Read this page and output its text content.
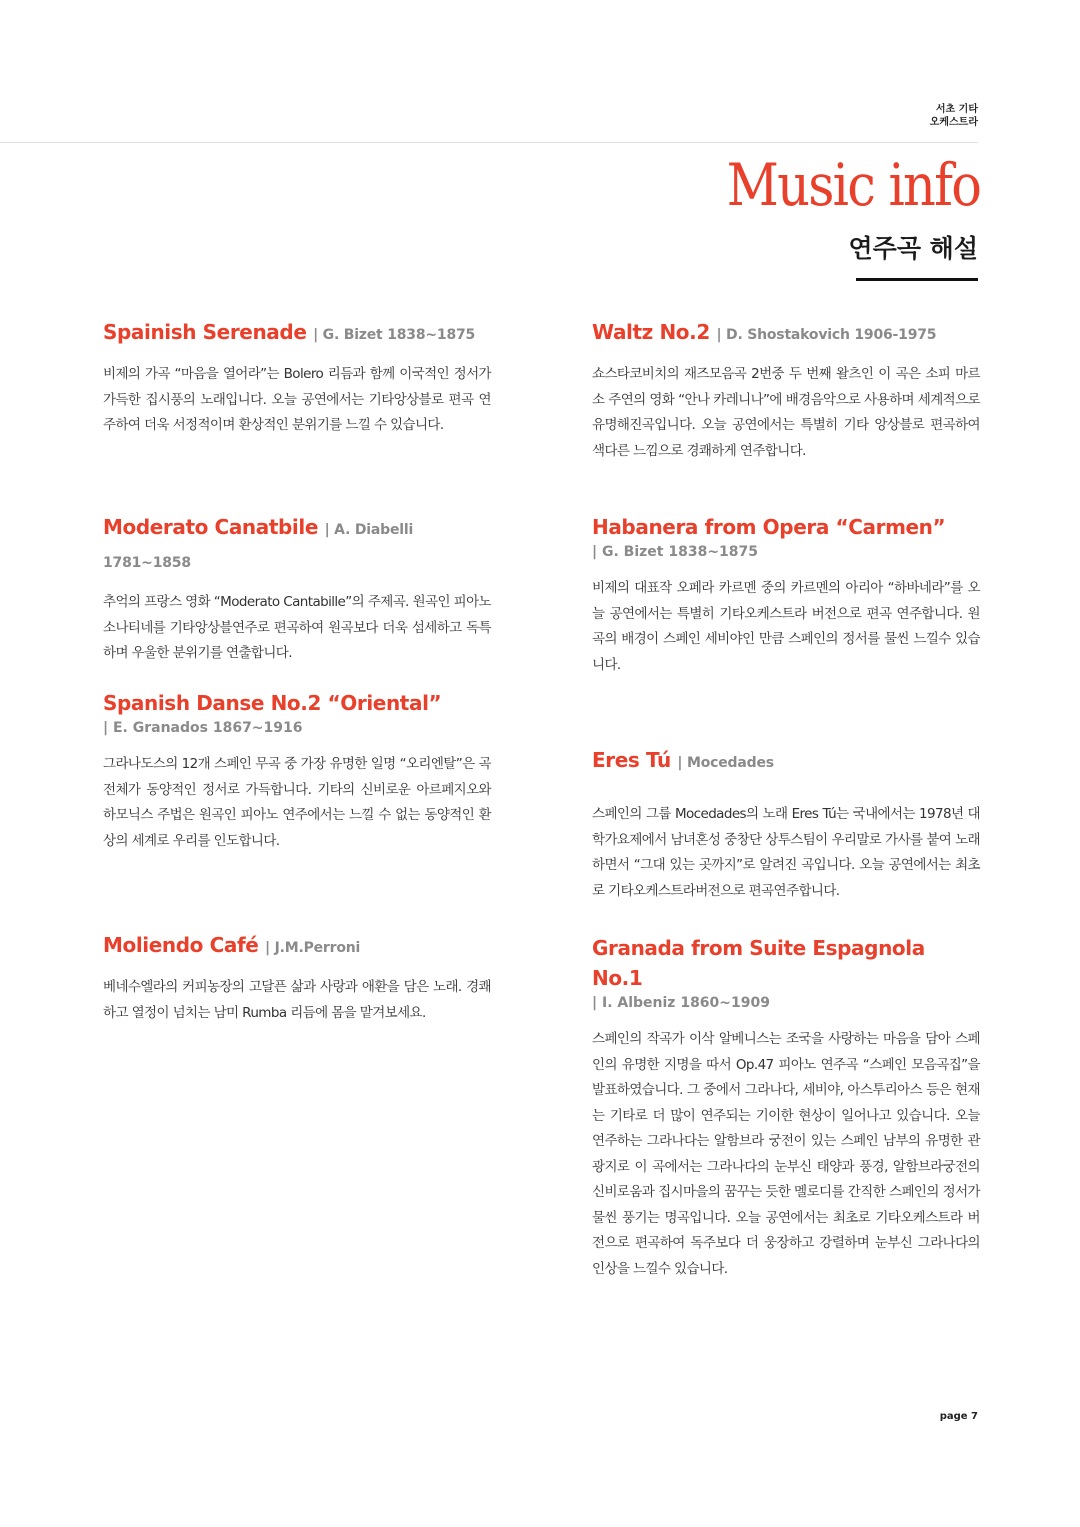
서초 기타
오케스트라
Music info
연주곡 해설
Spainish Serenade | G. Bizet 1838~1875
비제의 가곡 “마음을 열어라”는 Bolero 리듬과 함께 이국적인 정서가 가득한 집시풍의 노래입니다. 오늘 공연에서는 기타앙상블로 편곡 연주하여 더욱 서정적이며 환상적인 분위기를 느낄 수 있습니다.
Moderato Canatbile | A. Diabelli 1781~1858
추억의 프랑스 영화 “Moderato Cantabille”의 주제곡. 원곡인 피아노 소나티네를 기타앙상블연주로 편곡하여 원곡보다 더욱 섬세하고 독특하며 우울한 분위기를 연출합니다.
Spanish Danse No.2 “Oriental”
| E. Granados 1867~1916
그라나도스의 12개 스페인 무곡 중 가장 유명한 일명 “오리엔탈”은 곡 전체가 동양적인 정서로 가득합니다. 기타의 신비로운 아르페지오와 하모닉스 주법은 원곡인 피아노 연주에서는 느낄 수 없는 동양적인 환상의 세계로 우리를 인도합니다.
Moliendo Café | J.M.Perroni
베네수엘라의 커피농장의 고달픈 삶과 사랑과 애환을 담은 노래. 경쾌하고 열정이 넘치는 남미 Rumba 리듬에 몸을 맡겨보세요.
Waltz No.2 | D. Shostakovich 1906-1975
쇼스타코비치의 재즈모음곡 2번중 두 번째 왈츠인 이 곡은 소피 마르소 주연의 영화 “안나 카레니나”에 배경음악으로 사용하며 세계적으로 유명해진곡입니다. 오늘 공연에서는 특별히 기타 앙상블로 편곡하여 색다른 느낌으로 경쾌하게 연주합니다.
Habanera from Opera “Carmen”
| G. Bizet 1838~1875
비제의 대표작 오페라 카르멘 중의 카르멘의 아리아 “하바네라”를 오늘 공연에서는 특별히 기타오케스트라 버전으로 편곡 연주합니다. 원곡의 배경이 스페인 세비야인 만큼 스페인의 정서를 물씬 느낄수 있습니다.
Eres Tú | Mocedades
스페인의 그룹 Mocedades의 노래 Eres Tú는 국내에서는 1978년 대학가요제에서 남녀혼성 중창단 상투스팀이 우리말로 가사를 붙여 노래하면서 “그대 있는 곳까지”로 알려진 곡입니다. 오늘 공연에서는 최초로 기타오케스트라버전으로 편곡연주합니다.
Granada from Suite Espagnola No.1
| I. Albeniz 1860~1909
스페인의 작곡가 이삭 알베니스는 조국을 사랑하는 마음을 담아 스페인의 유명한 지명을 따서 Op.47 피아노 연주곡 “스페인 모음곡집”을 발표하였습니다. 그 중에서 그라나다, 세비야, 아스투리아스 등은 현재는 기타로 더 많이 연주되는 기이한 현상이 일어나고 있습니다. 오늘 연주하는 그라나다는 알함브라 궁전이 있는 스페인 남부의 유명한 관광지로 이 곡에서는 그라나다의 눈부신 태양과 풍경, 알함브라궁전의 신비로움과 집시마을의 꿈꾸는 듯한 멜로디를 간직한 스페인의 정서가 물씬 풍기는 명곡입니다. 오늘 공연에서는 최초로 기타오케스트라 버전으로 편곡하여 독주보다 더 웅장하고 강렬하며 눈부신 그라나다의 인상을 느낄수 있습니다.
page 7
